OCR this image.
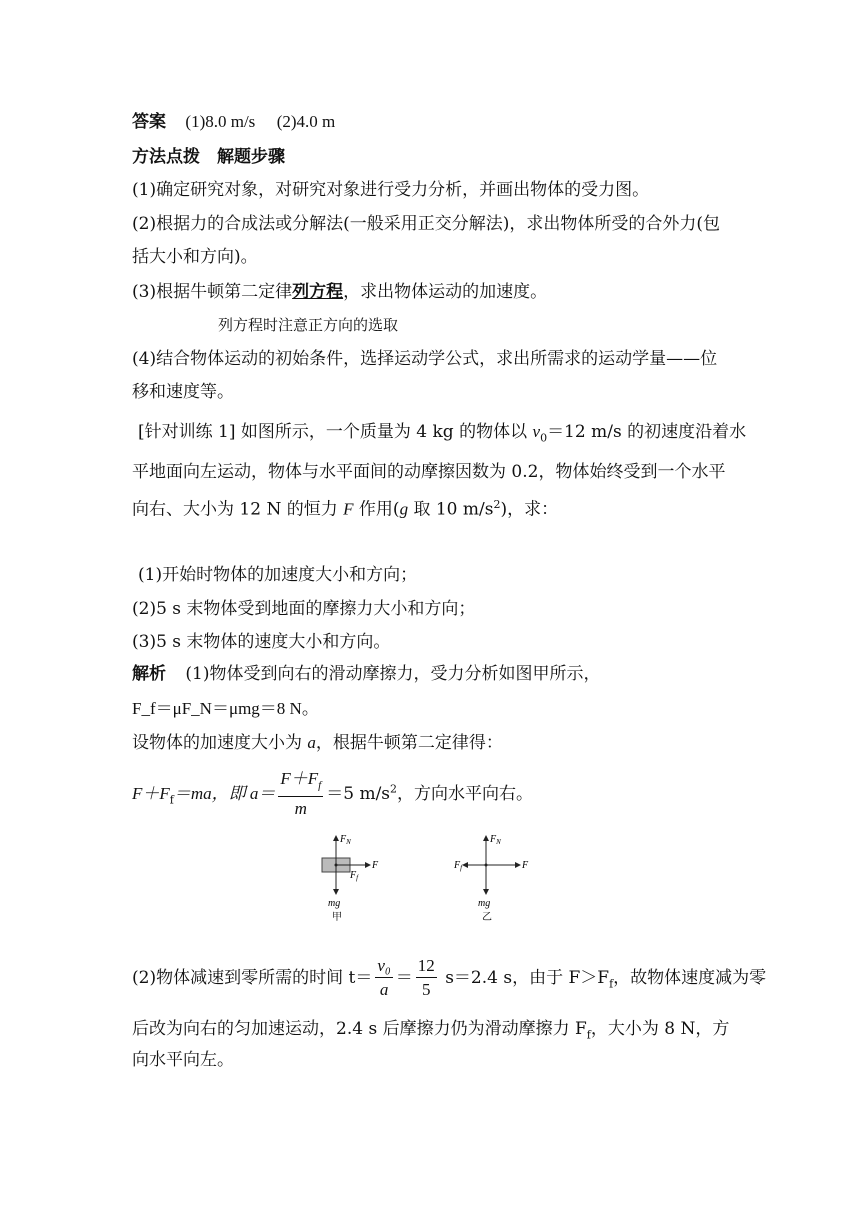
答案 (1)8.0 m/s (2)4.0 m
方法点拨　解题步骤
(1)确定研究对象，对研究对象进行受力分析，并画出物体的受力图。
(2)根据力的合成法或分解法(一般采用正交分解法)，求出物体所受的合外力(包
括大小和方向)。
(3)根据牛顿第二定律列方程，求出物体运动的加速度。
列方程时注意正方向的选取
(4)结合物体运动的初始条件，选择运动学公式，求出所需求的运动学量——位
移和速度等。
[针对训练 1] 如图所示，一个质量为 4 kg 的物体以 $v_0=12$ m/s 的初速度沿着水
平地面向左运动，物体与水平面间的动摩擦因数为 0.2，物体始终受到一个水平
向右、大小为 12 N 的恒力 F 作用(g 取 10 $m/s^2$)，求：
(1)开始时物体的加速度大小和方向；
(2)5 s 末物体受到地面的摩擦力大小和方向；
(3)5 s 末物体的速度大小和方向。
解析 (1)物体受到向右的滑动摩擦力，受力分析如图甲所示，
F_f＝μF_N＝μmg＝8 N。
设物体的加速度大小为 a，根据牛顿第二定律得：
$F+F_f=ma$，即 $a= \frac{F+F_f}{m} =5$ $m/s^2$，方向水平向右。
$F_N$
F
$F_f$
mg
甲
$F_N$
F
$F_f$
mg
乙
(2)物体减速到零所需的时间 $t= \frac{\text{v₀}}{a} = \frac{12}{5} s=2.4$ s，由于 $F>F_f$，故物体速度减为零
后改为向右的匀加速运动，2.4 s 后摩擦力仍为滑动摩擦力 $F_f$，大小为 8 N，方
向水平向左。
